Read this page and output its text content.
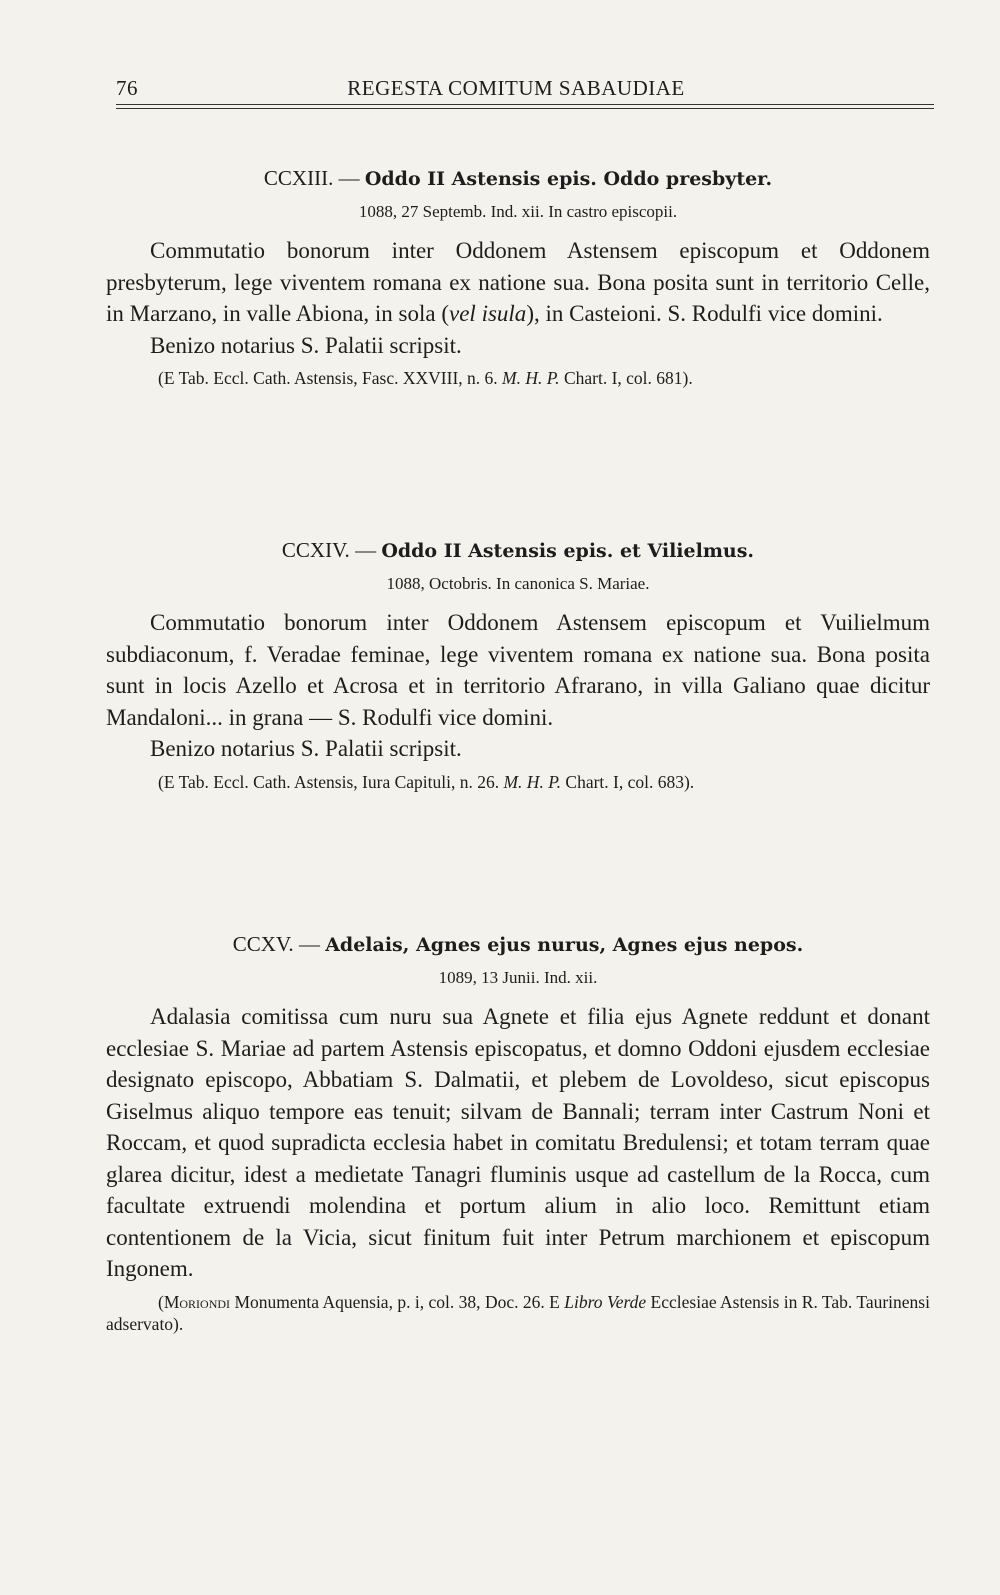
76	REGESTA COMITUM SABAUDIAE
CCXIII. — Oddo II Astensis epis. Oddo presbyter.
1088, 27 Septemb. Ind. xii. In castro episcopii.

Commutatio bonorum inter Oddonem Astensem episcopum et Oddonem presbyterum, lege viventem romana ex natione sua. Bona posita sunt in territorio Celle, in Marzano, in valle Abiona, in sola (vel isula), in Casteioni. S. Rodulfi vice domini.

Benizo notarius S. Palatii scripsit.
(E Tab. Eccl. Cath. Astensis, Fasc. XXVIII, n. 6. M. H. P. Chart. I, col. 681).
CCXIV. — Oddo II Astensis epis. et Vilielmus.
1088, Octobris. In canonica S. Mariae.

Commutatio bonorum inter Oddonem Astensem episcopum et Vuilielmum subdiaconum, f. Veradae feminae, lege viventem romana ex natione sua. Bona posita sunt in locis Azello et Acrosa et in territorio Afrarano, in villa Galiano quae dicitur Mandaloni... in grana — S. Rodulfi vice domini.

Benizo notarius S. Palatii scripsit.
(E Tab. Eccl. Cath. Astensis, Iura Capituli, n. 26. M. H. P. Chart. I, col. 683).
CCXV. — Adelais, Agnes ejus nurus, Agnes ejus nepos.
1089, 13 Junii. Ind. xii.

Adalasia comitissa cum nuru sua Agnete et filia ejus Agnete reddunt et donant ecclesiae S. Mariae ad partem Astensis episcopatus, et domno Oddoni ejusdem ecclesiae designato episcopo, Abbatiam S. Dalmatii, et plebem de Lovoldeso, sicut episcopus Giselmus aliquo tempore eas tenuit; silvam de Bannali; terram inter Castrum Noni et Roccam, et quod supradicta ecclesia habet in comitatu Bredulensi; et totam terram quae glarea dicitur, idest a medietate Tanagri fluminis usque ad castellum de la Rocca, cum facultate extruendi molendina et portum alium in alio loco. Remittunt etiam contentionem de la Vicia, sicut finitum fuit inter Petrum marchionem et episcopum Ingonem.

(Moriondi Monumenta Aquensia, p. i, col. 38, Doc. 26. E Libro Verde Ecclesiae Astensis in R. Tab. Taurinensi adservato).
